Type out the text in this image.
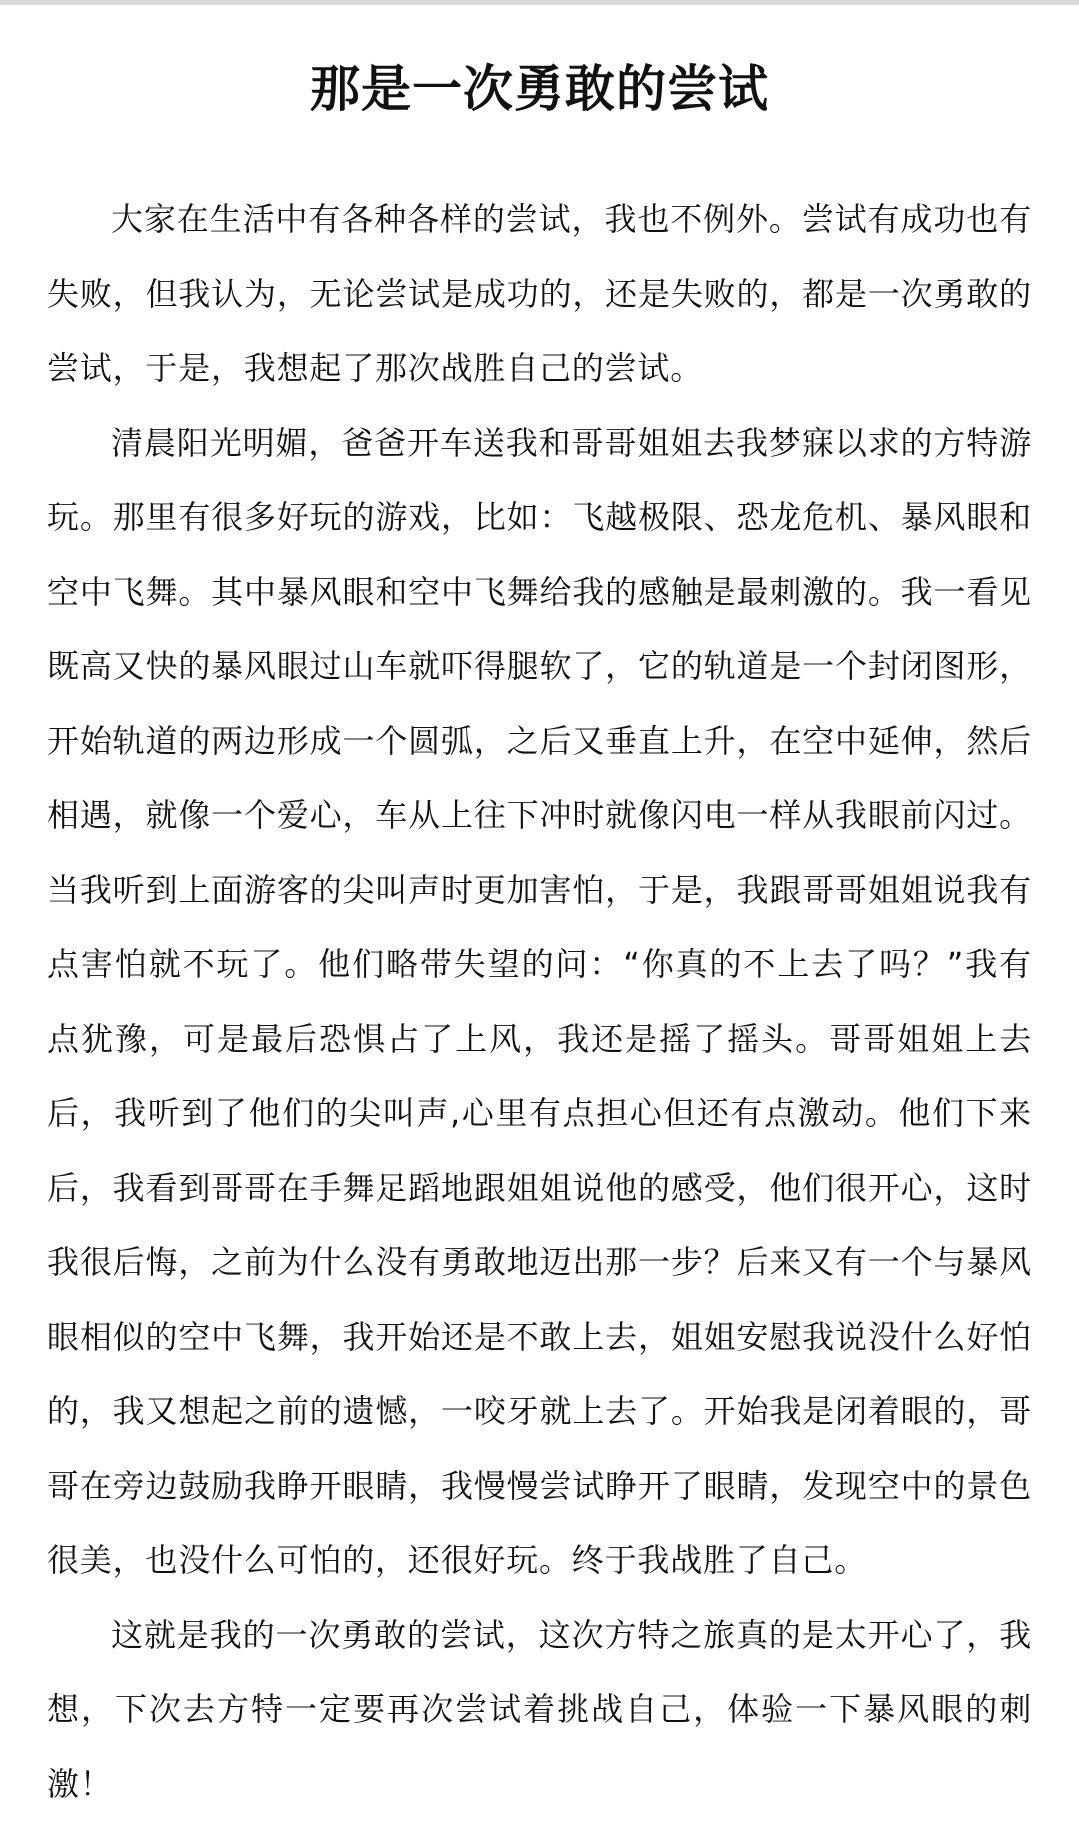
那是一次勇敢的尝试

大家在生活中有各种各样的尝试，我也不例外。尝试有成功也有失败，但我认为，无论尝试是成功的，还是失败的，都是一次勇敢的尝试，于是，我想起了那次战胜自己的尝试。

清晨阳光明媚，爸爸开车送我和哥哥姐姐去我梦寐以求的方特游玩。那里有很多好玩的游戏，比如：飞越极限、恐龙危机、暴风眼和空中飞舞。其中暴风眼和空中飞舞给我的感触是最刺激的。我一看见既高又快的暴风眼过山车就吓得腿软了，它的轨道是一个封闭图形，开始轨道的两边形成一个圆弧，之后又垂直上升，在空中延伸，然后相遇，就像一个爱心，车从上往下冲时就像闪电一样从我眼前闪过。当我听到上面游客的尖叫声时更加害怕，于是，我跟哥哥姐姐说我有点害怕就不玩了。他们略带失望的问：“你真的不上去了吗？”我有点犹豫，可是最后恐惧占了上风，我还是摇了摇头。哥哥姐姐上去后，我听到了他们的尖叫声,心里有点担心但还有点激动。他们下来后，我看到哥哥在手舞足蹈地跟姐姐说他的感受，他们很开心，这时我很后悔，之前为什么没有勇敢地迈出那一步？后来又有一个与暴风眼相似的空中飞舞，我开始还是不敢上去，姐姐安慰我说没什么好怕的，我又想起之前的遗憾，一咬牙就上去了。开始我是闭着眼的，哥哥在旁边鼓励我睁开眼睛，我慢慢尝试睁开了眼睛，发现空中的景色很美，也没什么可怕的，还很好玩。终于我战胜了自己。

这就是我的一次勇敢的尝试，这次方特之旅真的是太开心了，我想，下次去方特一定要再次尝试着挑战自己，体验一下暴风眼的刺激！
